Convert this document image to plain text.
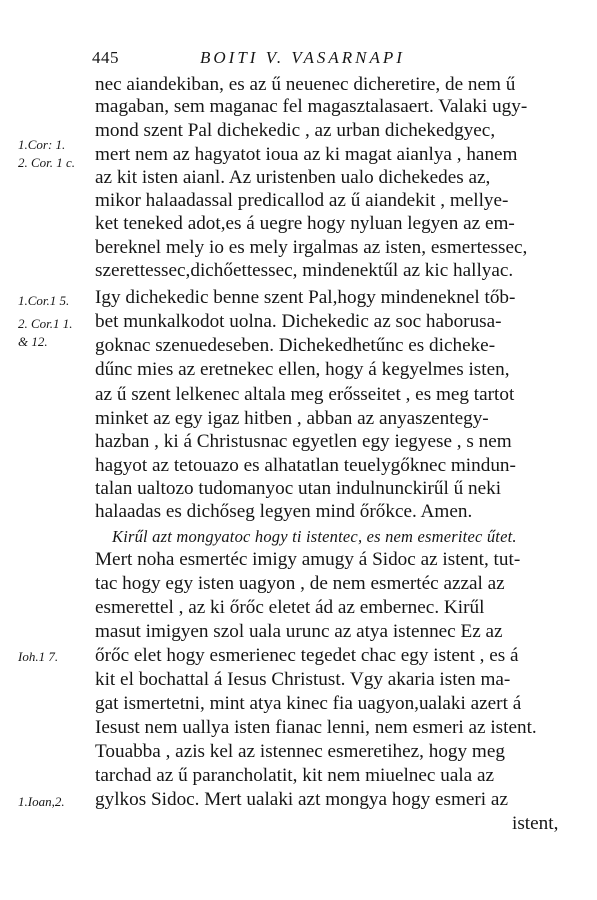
445	BOITI V. VASARNAPI
1.Cor: 1.
2. Cor. 1 c.
1.Cor.1 5.
2. Cor.1 1.
& 12.
Ioh.1 7.
1.Ioan,2.
nec aiandekiban, es az ű neuenec dicheretire, de nem ű
magaban, sem maganac fel magasztalasaert. Valaki ugy-
mond szent Pal dichekedic , az urban dichekedgyec,
mert nem az hagyatot ioua az ki magat aianlya , hanem
az kit isten aianl. Az uristenben ualo dichekedes az,
mikor halaadassal predicallod az ű aiandekit , mellye-
ket teneked adot,es á uegre hogy nyluan legyen az em-
bereknel mely io es mely irgalmas az isten, esmertessec,
szerettessec,dichőettessec, mindenektűl az kic hallyac.
Igy dichekedic benne szent Pal,hogy mindeneknel tőb-
bet munkalkodot uolna. Dichekedic az soc haborusa-
goknac szenuedeseben. Dichekedhetűnc es dicheke-
dűnc mies az eretnekec ellen, hogy á kegyelmes isten,
az ű szent lelkenec altala meg erősseitet , es meg tartot
minket az egy igaz hitben , abban az anyaszentegy-
hazban , ki á Christusnac egyetlen egy iegyese , s nem
hagyot az tetouazo es alhatatlan teuelygőknec mindun-
talan ualtozo tudomanyoc utan indulnunckirűl ű neki
halaadas es dichőseg legyen mind őrőkce. Amen.
Kirűl azt mongyatoc hogy ti istentec, es nem esmeritec űtet.
Mert noha esmertéc imigy amugy á Sidoc az istent, tut-
tac hogy egy isten uagyon , de nem esmertéc azzal az
esmerettel , az ki őrőc eletet ád az embernec. Kirűl
masut imigyen szol uala urunc az atya istennec Ez az
őrőc elet hogy esmerienec tegedet chac egy istent , es á
kit el bochattal á Iesus Christust. Vgy akaria isten ma-
gat ismertetni, mint atya kinec fia uagyon,ualaki azert á
Iesust nem uallya isten fianac lenni, nem esmeri az istent.
Touabba , azis kel az istennec esmeretihez, hogy meg
tarchad az ű parancholatit, kit nem miuelnec uala az
gylkos Sidoc. Mert ualaki azt mongya hogy esmeri az
istent,
